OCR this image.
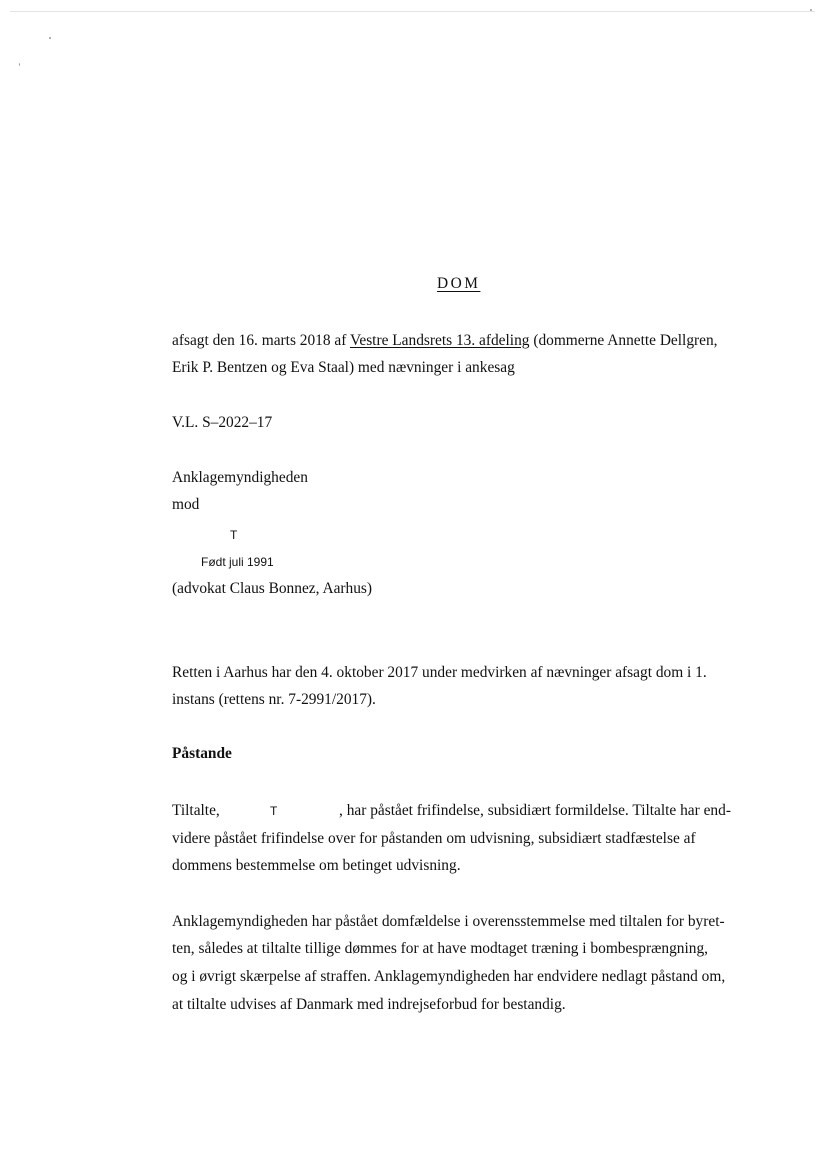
DOM
afsagt den 16. marts 2018 af Vestre Landsrets 13. afdeling (dommerne Annette Dellgren,
Erik P. Bentzen og Eva Staal) med nævninger i ankesag
V.L. S–2022–17
Anklagemyndigheden
mod
T
Født juli 1991
(advokat Claus Bonnez, Aarhus)
Retten i Aarhus har den 4. oktober 2017 under medvirken af nævninger afsagt dom i 1.
instans (rettens nr. 7-2991/2017).
Påstande
Tiltalte,	T	, har påstået frifindelse, subsidiært formildelse. Tiltalte har end-
videre påstået frifindelse over for påstanden om udvisning, subsidiært stadfæstelse af
dommens bestemmelse om betinget udvisning.
Anklagemyndigheden har påstået domfældelse i overensstemmelse med tiltalen for byret-
ten, således at tiltalte tillige dømmes for at have modtaget træning i bombesprængning,
og i øvrigt skærpelse af straffen. Anklagemyndigheden har endvidere nedlagt påstand om,
at tiltalte udvises af Danmark med indrejseforbud for bestandig.
